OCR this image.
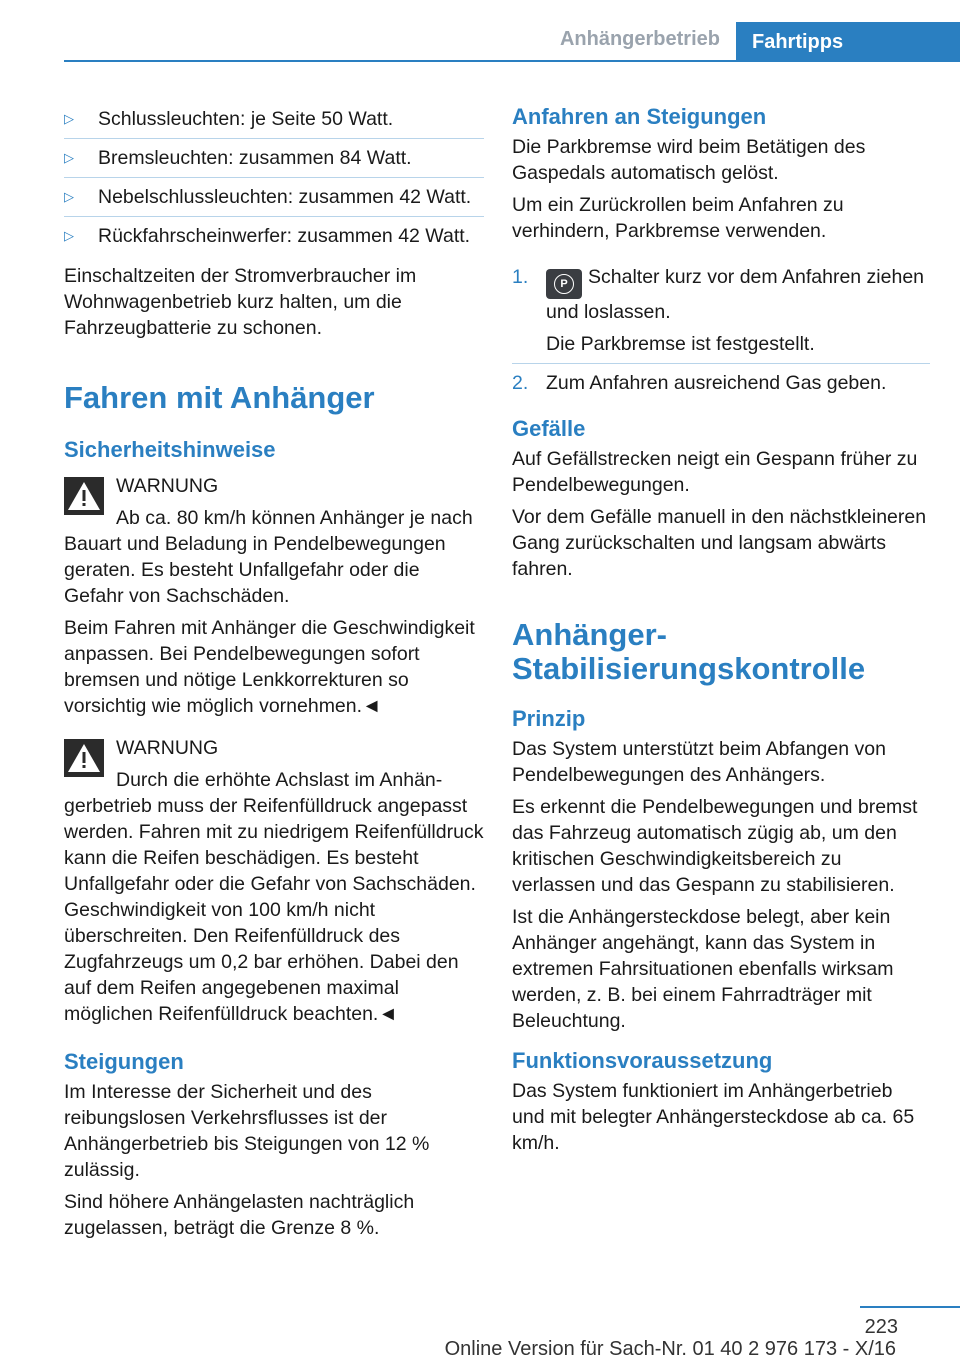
Anhängerbetrieb	Fahrtipps
▷	Schlussleuchten: je Seite 50 Watt.
▷	Bremsleuchten: zusammen 84 Watt.
▷	Nebelschlussleuchten: zusammen 42 Watt.
▷	Rückfahrscheinwerfer: zusammen 42 Watt.

Einschaltzeiten der Stromverbraucher im Wohnwagenbetrieb kurz halten, um die Fahrzeugbatterie zu schonen.

Fahren mit Anhänger
Sicherheitshinweise
WARNUNG
Ab ca. 80 km/h können Anhänger je nach

Bauart und Beladung in Pendelbewegungen geraten. Es besteht Unfallgefahr oder die Gefahr von Sachschäden.

Beim Fahren mit Anhänger die Geschwindigkeit anpassen. Bei Pendelbewegungen sofort bremsen und nötige Lenkkorrekturen so vorsichtig wie möglich vornehmen.◄

WARNUNG
Durch die erhöhte Achslast im Anhän-

gerbetrieb muss der Reifenfülldruck angepasst werden. Fahren mit zu niedrigem Reifenfülldruck kann die Reifen beschädigen. Es besteht Unfallgefahr oder die Gefahr von Sachschäden. Geschwindigkeit von 100 km/h nicht überschreiten. Den Reifenfülldruck des Zugfahrzeugs um 0,2 bar erhöhen. Dabei den auf dem Reifen angegebenen maximal möglichen Reifenfülldruck beachten.◄

Steigungen

Im Interesse der Sicherheit und des reibungslosen Verkehrsflusses ist der Anhängerbetrieb bis Steigungen von 12 % zulässig.

Sind höhere Anhängelasten nachträglich zugelassen, beträgt die Grenze 8 %.

Anfahren an Steigungen

Die Parkbremse wird beim Betätigen des Gaspedals automatisch gelöst.

Um ein Zurückrollen beim Anfahren zu verhindern, Parkbremse verwenden.

1.	P	Schalter kurz vor dem Anfahren ziehen und loslassen.
Die Parkbremse ist festgestellt.
2. Zum Anfahren ausreichend Gas geben.
Gefälle

Auf Gefällstrecken neigt ein Gespann früher zu Pendelbewegungen.

Vor dem Gefälle manuell in den nächstkleineren Gang zurückschalten und langsam abwärts fahren.

Anhänger-
Stabilisierungskontrolle
Prinzip

Das System unterstützt beim Abfangen von Pendelbewegungen des Anhängers.

Es erkennt die Pendelbewegungen und bremst das Fahrzeug automatisch zügig ab, um den kritischen Geschwindigkeitsbereich zu verlassen und das Gespann zu stabilisieren.

Ist die Anhängersteckdose belegt, aber kein Anhänger angehängt, kann das System in extremen Fahrsituationen ebenfalls wirksam werden, z. B. bei einem Fahrradträger mit Beleuchtung.

Funktionsvoraussetzung

Das System funktioniert im Anhängerbetrieb und mit belegter Anhängersteckdose ab ca. 65 km/h.

223
Online Version für Sach-Nr. 01 40 2 976 173 - X/16
